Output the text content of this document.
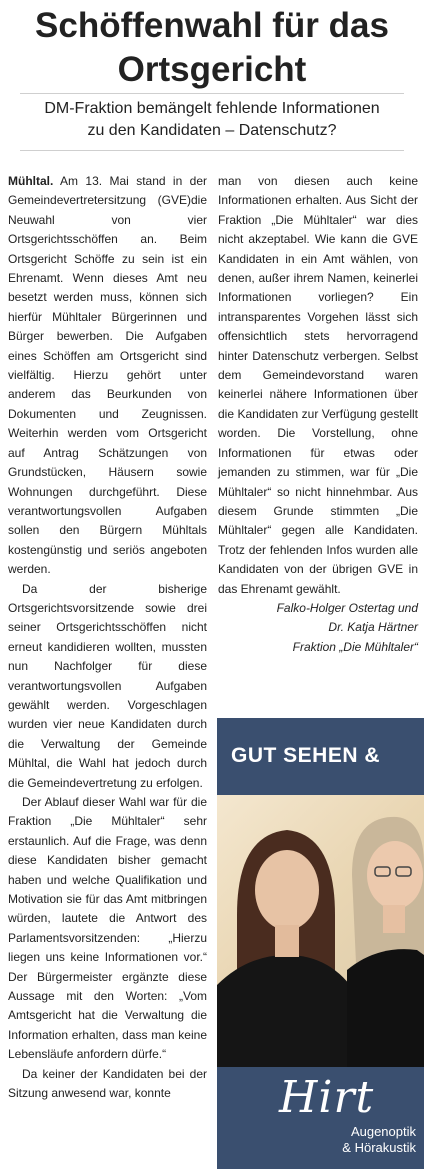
Schöffenwahl für das
Ortsgericht
DM-Fraktion bemängelt fehlende Informationen
zu den Kandidaten – Datenschutz?

Mühltal. Am 13. Mai stand in der Gemeindevertretersitzung (GVE)die Neuwahl von vier Ortsgerichtsschöffen an. Beim Ortsgericht Schöffe zu sein ist ein Ehrenamt. Wenn dieses Amt neu besetzt werden muss, können sich hierfür Mühltaler Bürgerinnen und Bürger bewerben. Die Aufgaben eines Schöffen am Ortsgericht sind vielfältig. Hierzu gehört unter anderem das Beurkunden von Dokumenten und Zeugnissen. Weiterhin werden vom Ortsgericht auf Antrag Schätzungen von Grundstücken, Häusern sowie Wohnungen durchgeführt. Diese verantwortungsvollen Aufgaben sollen den Bürgern Mühltals kostengünstig und seriös angeboten werden.

Da der bisherige Ortsgerichtsvorsitzende sowie drei seiner Ortsgerichtsschöffen nicht erneut kandidieren wollten, mussten nun Nachfolger für diese verantwortungsvollen Aufgaben gewählt werden. Vorgeschlagen wurden vier neue Kandidaten durch die Verwaltung der Gemeinde Mühltal, die Wahl hat jedoch durch die Gemeindevertretung zu erfolgen.

Der Ablauf dieser Wahl war für die Fraktion „Die Mühltaler“ sehr erstaunlich. Auf die Frage, was denn diese Kandidaten bisher gemacht haben und welche Qualifikation und Motivation sie für das Amt mitbringen würden, lautete die Antwort des Parlamentsvorsitzenden: „Hierzu liegen uns keine Informationen vor.“ Der Bürgermeister ergänzte diese Aussage mit den Worten: „Vom Amtsgericht hat die Verwaltung die Information erhalten, dass man keine Lebensläufe anfordern dürfe.“

Da keiner der Kandidaten bei der Sitzung anwesend war, konnte

man von diesen auch keine Informationen erhalten. Aus Sicht der Fraktion „Die Mühltaler“ war dies nicht akzeptabel. Wie kann die GVE Kandidaten in ein Amt wählen, von denen, außer ihrem Namen, keinerlei Informationen vorliegen? Ein intransparentes Vorgehen lässt sich offensichtlich stets hervorragend hinter Datenschutz verbergen. Selbst dem Gemeindevorstand waren keinerlei nähere Informationen über die Kandidaten zur Verfügung gestellt worden. Die Vorstellung, ohne Informationen für etwas oder jemanden zu stimmen, war für „Die Mühltaler“ so nicht hinnehmbar. Aus diesem Grunde stimmten „Die Mühltaler“ gegen alle Kandidaten. Trotz der fehlenden Infos wurden alle Kandidaten von der übrigen GVE in das Ehrenamt gewählt.

Falko-Holger Ostertag und
Dr. Katja Härtner
Fraktion „Die Mühltaler“
GUT SEHEN &
Hirt
Augenoptik
& Hörakustik
